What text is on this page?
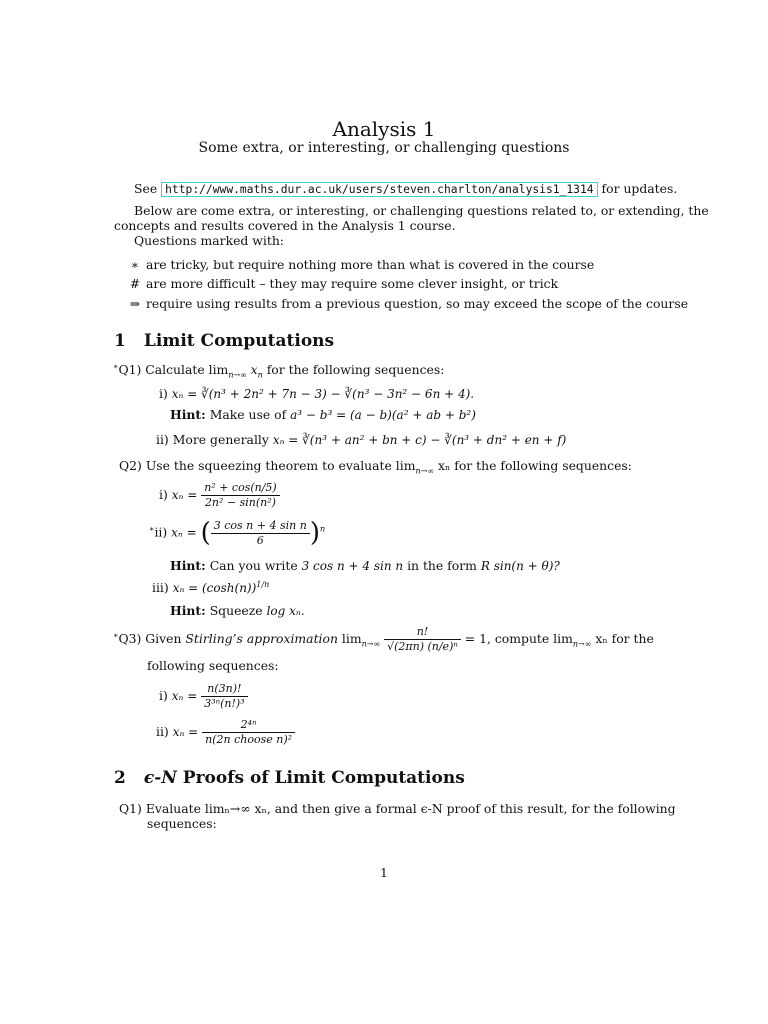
Analysis 1
Some extra, or interesting, or challenging questions
See http://www.maths.dur.ac.uk/users/steven.charlton/analysis1_1314 for updates.
Below are come extra, or interesting, or challenging questions related to, or extending, the
concepts and results covered in the Analysis 1 course.
Questions marked with:
∗ are tricky, but require nothing more than what is covered in the course
# are more difficult – they may require some clever insight, or trick
⇒ require using results from a previous question, so may exceed the scope of the course
1 Limit Computations
∗Q1) Calculate $\lim_{n\to\infty} x_n$ for the following sequences:
i) xₙ = ∛(n³ + 2n² + 7n − 3) − ∛(n³ − 3n² − 6n + 4).
Hint: Make use of a³ − b³ = (a − b)(a² + ab + b²)
ii) More generally xₙ = ∛(n³ + an² + bn + c) − ∛(n³ + dn² + en + f)
Q2) Use the squeezing theorem to evaluate $\lim_{n\to\infty} x_n$ for the following sequences:
i) $x_n = \frac{\text{n² + cos(n/5)}}{\text{2n² − sin(n²)}}$
∗ii) xₙ = ( $\frac{\text{3 cos n + 4 sin n}}{6} )^n$
Hint: Can you write 3 cos n + 4 sin n in the form R sin(n + θ)?
iii) $x_n = (\cosh(n))^{1/n}$
Hint: Squeeze log xₙ.
∗Q3) Given Stirling’s approximation $\lim_{n\to\infty} \frac{n!}{\text{√(2πn) (n/e)ⁿ}} = 1$, compute $\lim_{n\to\infty} x_n$ for the
following sequences:
i) $x_n = \frac{n(3n)!}{\text{3³ⁿ(n!)³}}$
ii) $x_n = \frac{\text{2⁴ⁿ}}{\text{n(2n choose n)²}}$
2 ϵ-N Proofs of Limit Computations
Q1) Evaluate limₙ→∞ xₙ, and then give a formal ϵ-N proof of this result, for the following
sequences:
1
